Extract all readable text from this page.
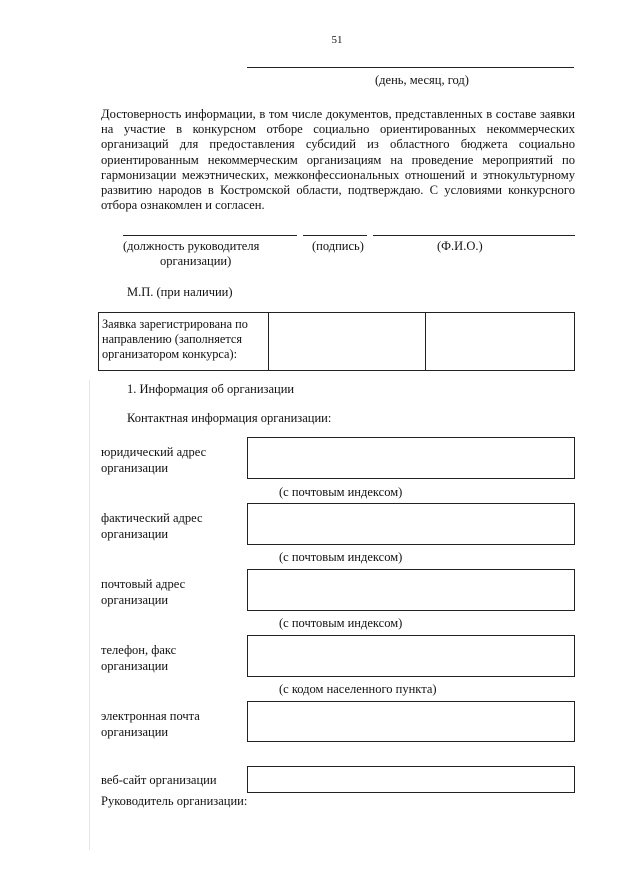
51
(день, месяц, год)
Достоверность информации, в том числе документов, представленных в составе заявки на участие в конкурсном отборе социально ориентированных некоммерческих организаций для предоставления субсидий из областного бюджета социально ориентированным некоммерческим организациям на проведение мероприятий по гармонизации межэтнических, межконфессиональных отношений и этнокультурному развитию народов в Костромской области, подтверждаю. С условиями конкурсного отбора ознакомлен и согласен.
(должность руководителя
организации)
(подпись)	(Ф.И.О.)
М.П. (при наличии)
Заявка зарегистрирована по направлению (заполняется организатором конкурса):
1. Информация об организации
Контактная информация организации:
юридический адрес
организации
(с почтовым индексом)
фактический адрес
организации
(с почтовым индексом)
почтовый адрес
организации
(с почтовым индексом)
телефон, факс
организации
(с кодом населенного пункта)
электронная почта
организации
веб-сайт организации
Руководитель организации:
